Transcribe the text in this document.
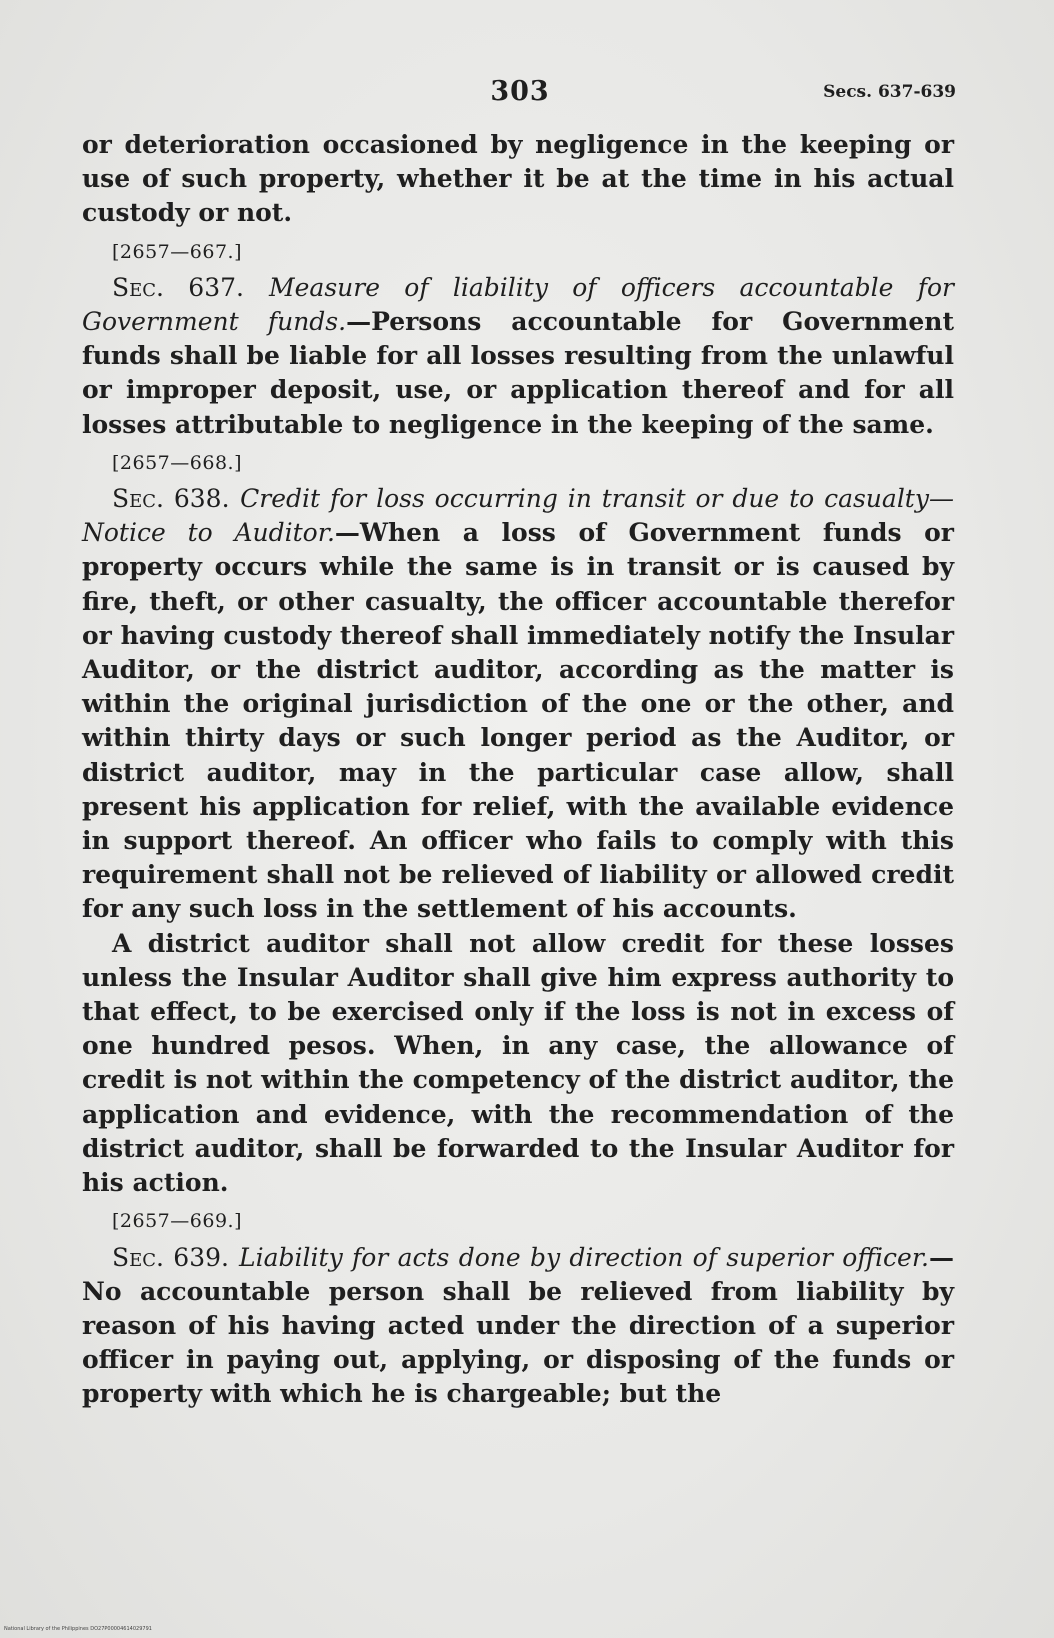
303	Secs. 637-639

or deterioration occasioned by negligence in the keeping or use of such property, whether it be at the time in his actual custody or not.

[2657—667.]

Sec. 637. Measure of liability of officers accountable for Government funds.—Persons accountable for Government funds shall be liable for all losses resulting from the unlawful or improper deposit, use, or application thereof and for all losses attributable to negligence in the keeping of the same.

[2657—668.]

Sec. 638. Credit for loss occurring in transit or due to casualty—Notice to Auditor.—When a loss of Government funds or property occurs while the same is in transit or is caused by fire, theft, or other casualty, the officer accountable therefor or having custody thereof shall immediately notify the Insular Auditor, or the district auditor, according as the matter is within the original jurisdiction of the one or the other, and within thirty days or such longer period as the Auditor, or district auditor, may in the particular case allow, shall present his application for relief, with the available evidence in support thereof. An officer who fails to comply with this requirement shall not be relieved of liability or allowed credit for any such loss in the settlement of his accounts.

A district auditor shall not allow credit for these losses unless the Insular Auditor shall give him express authority to that effect, to be exercised only if the loss is not in excess of one hundred pesos. When, in any case, the allowance of credit is not within the competency of the district auditor, the application and evidence, with the recommendation of the district auditor, shall be forwarded to the Insular Auditor for his action.

[2657—669.]

Sec. 639. Liability for acts done by direction of superior officer.—No accountable person shall be relieved from liability by reason of his having acted under the direction of a superior officer in paying out, applying, or disposing of the funds or property with which he is chargeable; but the

National Library of the Philippines DO27P00004614029791
